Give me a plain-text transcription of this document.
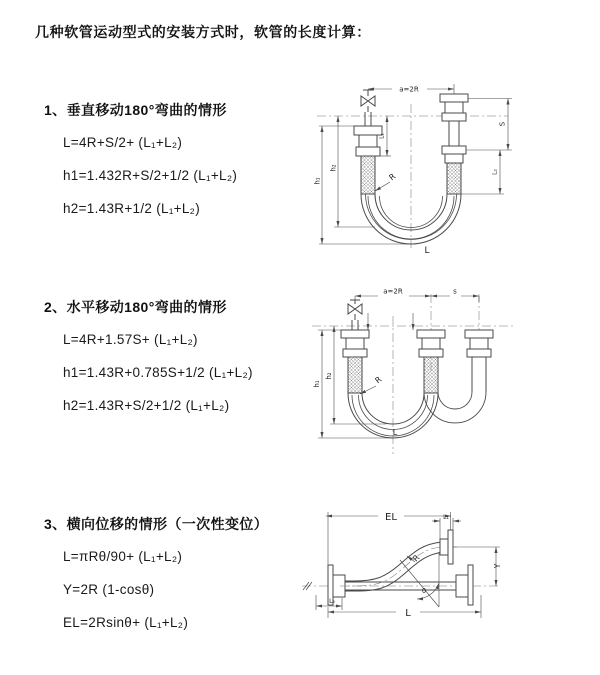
几种软管运动型式的安装方式时，软管的长度计算：
1、垂直移动180°弯曲的情形
L=4R+S/2+ (L₁+L₂)
h1=1.432R+S/2+1/2 (L₁+L₂)
h2=1.43R+1/2 (L₁+L₂)
2、水平移动180°弯曲的情形
L=4R+1.57S+ (L₁+L₂)
h1=1.43R+0.785S+1/2 (L₁+L₂)
h2=1.43R+S/2+1/2 (L₁+L₂)
3、横向位移的情形（一次性变位）
L=πRθ/90+ (L₁+L₂)
Y=2R (1-cosθ)
EL=2Rsinθ+ (L₁+L₂)
a=2R
h₁
h₂
L₁
S
L₂
L
R
a=2R	s
h₁
h₂
L
R
EL	L₁
L₂
L
Y
R
θ
